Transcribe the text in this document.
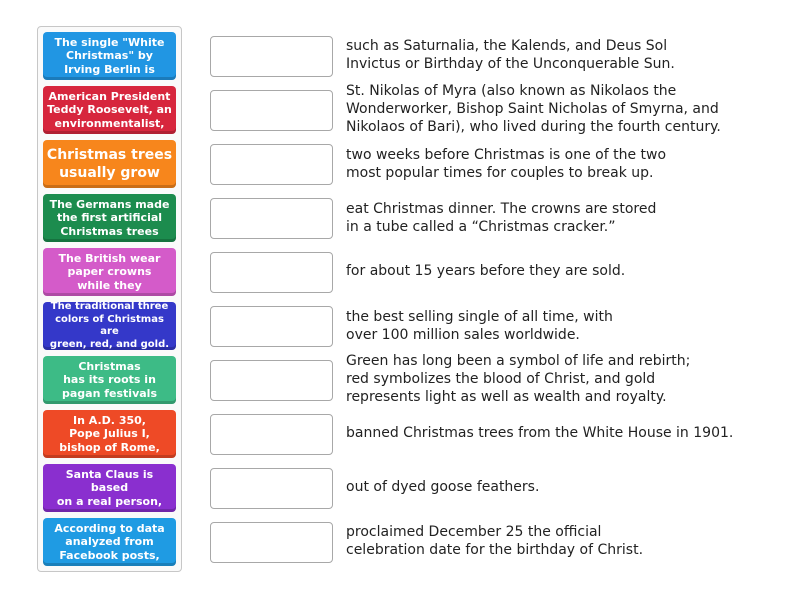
The single "White
Christmas" by
Irving Berlin is
American President
Teddy Roosevelt, an
environmentalist,
Christmas trees
usually grow
The Germans made
the first artificial
Christmas trees
The British wear
paper crowns
while they
The traditional three
colors of Christmas are
green, red, and gold.
Christmas
has its roots in
pagan festivals
In A.D. 350,
Pope Julius I,
bishop of Rome,
Santa Claus is based
on a real person,
According to data
analyzed from
Facebook posts,
such as Saturnalia, the Kalends, and Deus Sol
Invictus or Birthday of the Unconquerable Sun.
St. Nikolas of Myra (also known as Nikolaos the
Wonderworker, Bishop Saint Nicholas of Smyrna, and
Nikolaos of Bari), who lived during the fourth century.
two weeks before Christmas is one of the two
most popular times for couples to break up.
eat Christmas dinner. The crowns are stored
in a tube called a “Christmas cracker.”
for about 15 years before they are sold.
the best selling single of all time, with
over 100 million sales worldwide.
Green has long been a symbol of life and rebirth;
red symbolizes the blood of Christ, and gold
represents light as well as wealth and royalty.
banned Christmas trees from the White House in 1901.
out of dyed goose feathers.
proclaimed December 25 the official
celebration date for the birthday of Christ.
